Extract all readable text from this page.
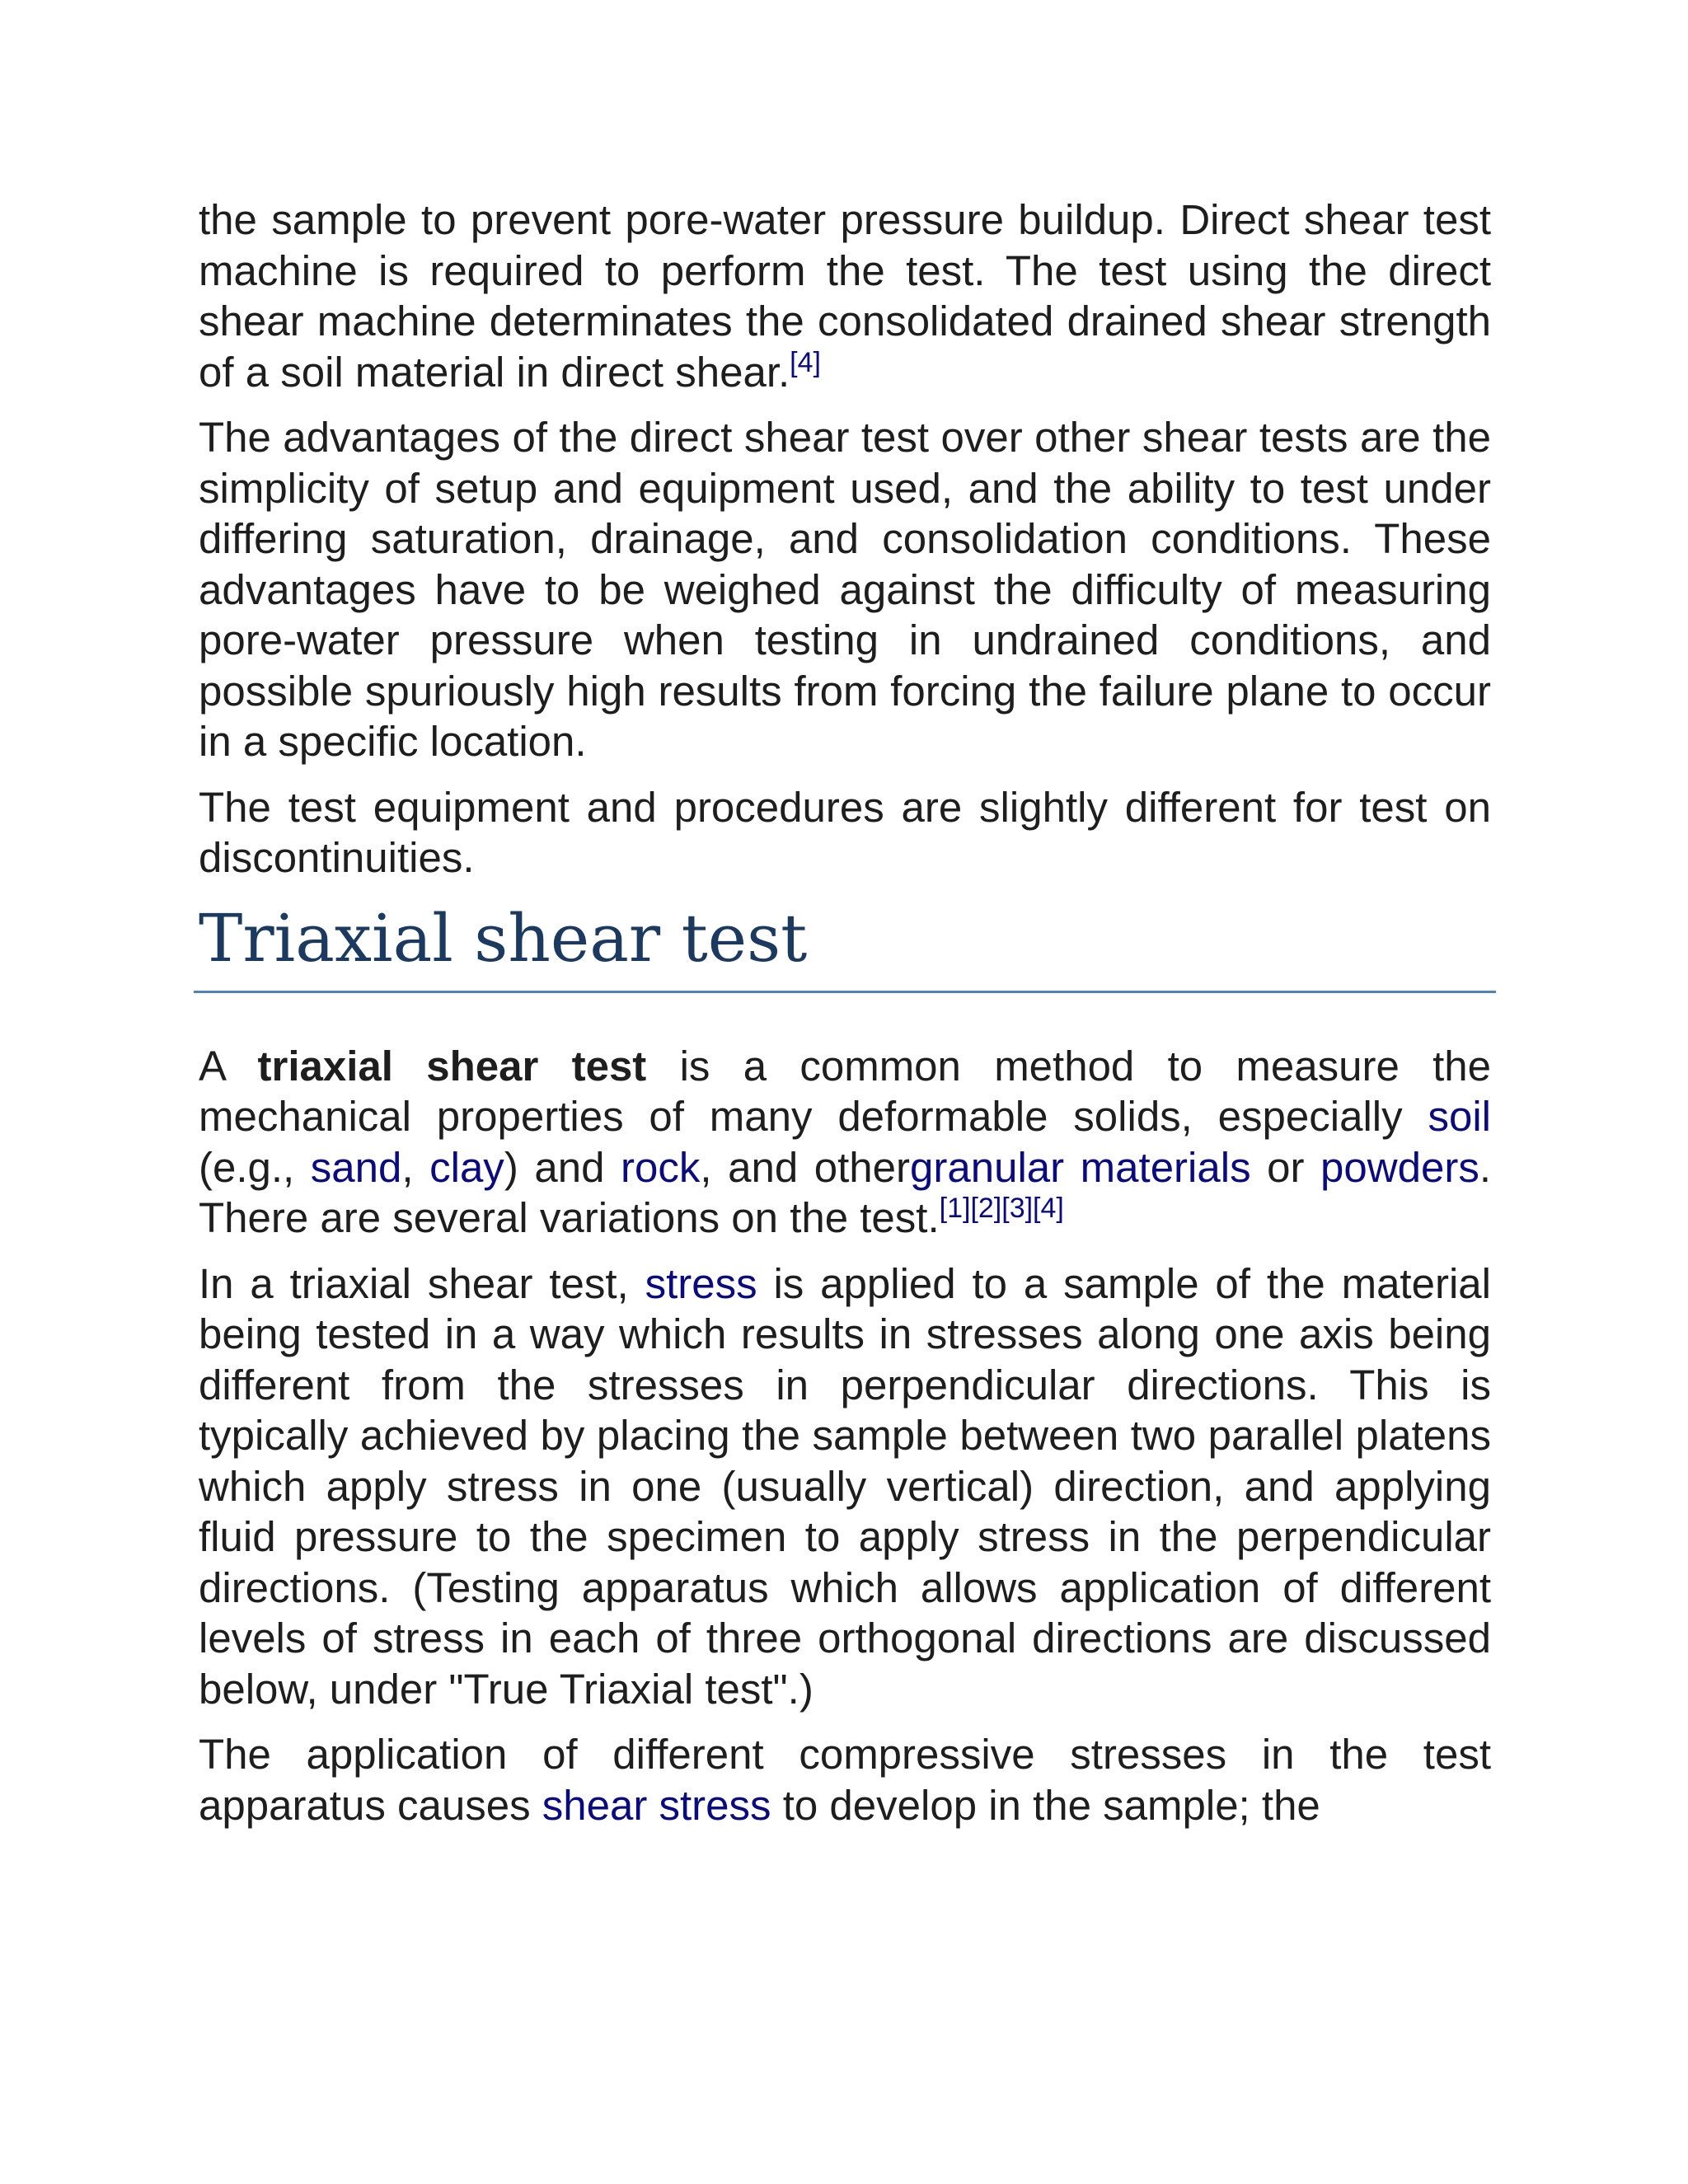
the sample to prevent pore-water pressure buildup. Direct shear test machine is required to perform the test. The test using the direct shear machine determinates the consolidated drained shear strength of a soil material in direct shear.[4]

The advantages of the direct shear test over other shear tests are the simplicity of setup and equipment used, and the ability to test under differing saturation, drainage, and consolidation conditions. These advantages have to be weighed against the difficulty of measuring pore-water pressure when testing in undrained conditions, and possible spuriously high results from forcing the failure plane to occur in a specific location.

The test equipment and procedures are slightly different for test on discontinuities.

Triaxial shear test

A triaxial shear test is a common method to measure the mechanical properties of many deformable solids, especially soil (e.g., sand, clay) and rock, and othergranular materials or powders. There are several variations on the test.[1][2][3][4]

In a triaxial shear test, stress is applied to a sample of the material being tested in a way which results in stresses along one axis being different from the stresses in perpendicular directions. This is typically achieved by placing the sample between two parallel platens which apply stress in one (usually vertical) direction, and applying fluid pressure to the specimen to apply stress in the perpendicular directions. (Testing apparatus which allows application of different levels of stress in each of three orthogonal directions are discussed below, under "True Triaxial test".)

The application of different compressive stresses in the test apparatus causes shear stress to develop in the sample; the
